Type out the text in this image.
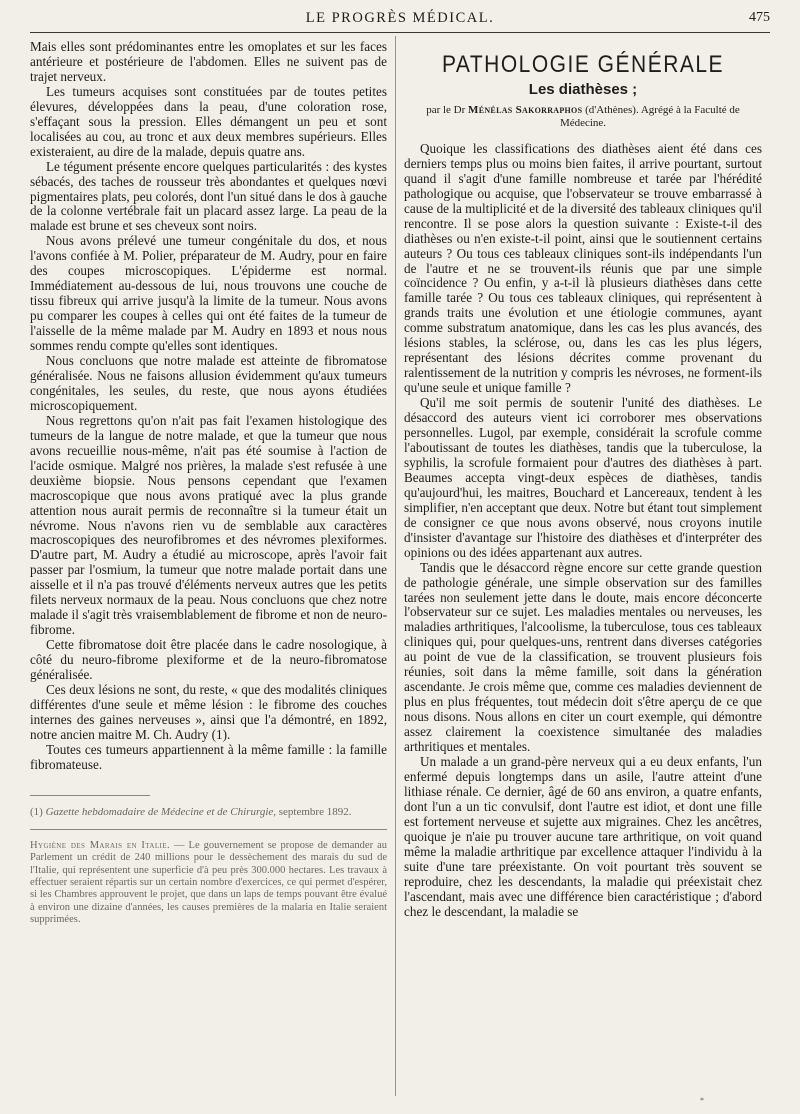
LE PROGRÈS MÉDICAL.	475

Mais elles sont prédominantes entre les omoplates et sur les faces antérieure et postérieure de l'abdomen. Elles ne suivent pas de trajet nerveux.

Les tumeurs acquises sont constituées par de toutes petites élevures, développées dans la peau, d'une coloration rose, s'effaçant sous la pression. Elles démangent un peu et sont localisées au cou, au tronc et aux deux membres supérieurs. Elles existeraient, au dire de la malade, depuis quatre ans.

Le tégument présente encore quelques particularités : des kystes sébacés, des taches de rousseur très abondantes et quelques nœvi pigmentaires plats, peu colorés, dont l'un situé dans le dos à gauche de la colonne vertébrale fait un placard assez large. La peau de la malade est brune et ses cheveux sont noirs.

Nous avons prélevé une tumeur congénitale du dos, et nous l'avons confiée à M. Polier, préparateur de M. Audry, pour en faire des coupes microscopiques. L'épiderme est normal. Immédiatement au-dessous de lui, nous trouvons une couche de tissu fibreux qui arrive jusqu'à la limite de la tumeur. Nous avons pu comparer les coupes à celles qui ont été faites de la tumeur de l'aisselle de la même malade par M. Audry en 1893 et nous nous sommes rendu compte qu'elles sont identiques.

Nous concluons que notre malade est atteinte de fibromatose généralisée. Nous ne faisons allusion évidemment qu'aux tumeurs congénitales, les seules, du reste, que nous ayons étudiées microscopiquement.

Nous regrettons qu'on n'ait pas fait l'examen histologique des tumeurs de la langue de notre malade, et que la tumeur que nous avons recueillie nous-même, n'ait pas été soumise à l'action de l'acide osmique. Malgré nos prières, la malade s'est refusée à une deuxième biopsie. Nous pensons cependant que l'examen macroscopique que nous avons pratiqué avec la plus grande attention nous aurait permis de reconnaître si la tumeur était un névrome. Nous n'avons rien vu de semblable aux caractères macroscopiques des neurofibromes et des névromes plexiformes. D'autre part, M. Audry a étudié au microscope, après l'avoir fait passer par l'osmium, la tumeur que notre malade portait dans une aisselle et il n'a pas trouvé d'éléments nerveux autres que les petits filets nerveux normaux de la peau. Nous concluons que chez notre malade il s'agit très vraisemblablement de fibrome et non de neuro-fibrome.

Cette fibromatose doit être placée dans le cadre nosologique, à côté du neuro-fibrome plexiforme et de la neuro-fibromatose généralisée.

Ces deux lésions ne sont, du reste, « que des modalités cliniques différentes d'une seule et même lésion : le fibrome des couches internes des gaines nerveuses », ainsi que l'a démontré, en 1892, notre ancien maitre M. Ch. Audry (1).

Toutes ces tumeurs appartiennent à la même famille : la famille fibromateuse.

(1) Gazette hebdomadaire de Médecine et de Chirurgie, septembre 1892.
Hygiène des Marais en Italie. — Le gouvernement se propose de demander au Parlement un crédit de 240 millions pour le dessèchement des marais du sud de l'Italie, qui représentent une superficie d'à peu près 300.000 hectares. Les travaux à effectuer seraient répartis sur un certain nombre d'exercices, ce qui permet d'espérer, si les Chambres approuvent le projet, que dans un laps de temps pouvant être évalué à environ une dizaine d'années, les causes premières de la malaria en Italie seraient supprimées.
PATHOLOGIE GÉNÉRALE
Les diathèses ;
par le Dr Ménélas Sakorraphos (d'Athènes). Agrégé à la Faculté de Médecine.

Quoique les classifications des diathèses aient été dans ces derniers temps plus ou moins bien faites, il arrive pourtant, surtout quand il s'agit d'une famille nombreuse et tarée par l'hérédité pathologique ou acquise, que l'observateur se trouve embarrassé à cause de la multiplicité et de la diversité des tableaux cliniques qu'il rencontre. Il se pose alors la question suivante : Existe-t-il des diathèses ou n'en existe-t-il point, ainsi que le soutiennent certains auteurs ? Ou tous ces tableaux cliniques sont-ils indépendants l'un de l'autre et ne se trouvent-ils réunis que par une simple coïncidence ? Ou enfin, y a-t-il là plusieurs diathèses dans cette famille tarée ? Ou tous ces tableaux cliniques, qui représentent à grands traits une évolution et une étiologie communes, ayant comme substratum anatomique, dans les cas les plus avancés, des lésions stables, la sclérose, ou, dans les cas les plus légers, représentant des lésions décrites comme provenant du ralentissement de la nutrition y compris les névroses, ne forment-ils qu'une seule et unique famille ?

Qu'il me soit permis de soutenir l'unité des diathèses. Le désaccord des auteurs vient ici corroborer mes observations personnelles. Lugol, par exemple, considérait la scrofule comme l'aboutissant de toutes les diathèses, tandis que la tuberculose, la syphilis, la scrofule formaient pour d'autres des diathèses à part. Beaumes accepta vingt-deux espèces de diathèses, tandis qu'aujourd'hui, les maitres, Bouchard et Lancereaux, tendent à les simplifier, n'en acceptant que deux. Notre but étant tout simplement de consigner ce que nous avons observé, nous croyons inutile d'insister d'avantage sur l'histoire des diathèses et d'interpréter des opinions ou des idées appartenant aux autres.

Tandis que le désaccord règne encore sur cette grande question de pathologie générale, une simple observation sur des familles tarées non seulement jette dans le doute, mais encore déconcerte l'observateur sur ce sujet. Les maladies mentales ou nerveuses, les maladies arthritiques, l'alcoolisme, la tuberculose, tous ces tableaux cliniques qui, pour quelques-uns, rentrent dans diverses catégories au point de vue de la classification, se trouvent plusieurs fois réunies, soit dans la même famille, soit dans la génération ascendante. Je crois même que, comme ces maladies deviennent de plus en plus fréquentes, tout médecin doit s'être aperçu de ce que nous disons. Nous allons en citer un court exemple, qui démontre assez clairement la coexistence simultanée des maladies arthritiques et mentales.

Un malade a un grand-père nerveux qui a eu deux enfants, l'un enfermé depuis longtemps dans un asile, l'autre atteint d'une lithiase rénale. Ce dernier, âgé de 60 ans environ, a quatre enfants, dont l'un a un tic convulsif, dont l'autre est idiot, et dont une fille est fortement nerveuse et sujette aux migraines. Chez les ancêtres, quoique je n'aie pu trouver aucune tare arthritique, on voit quand même la maladie arthritique par excellence attaquer l'individu à la suite d'une tare préexistante. On voit pourtant très souvent se reproduire, chez les descendants, la maladie qui préexistait chez l'ascendant, mais avec une différence bien caractéristique ; d'abord chez le descendant, la maladie se

*
